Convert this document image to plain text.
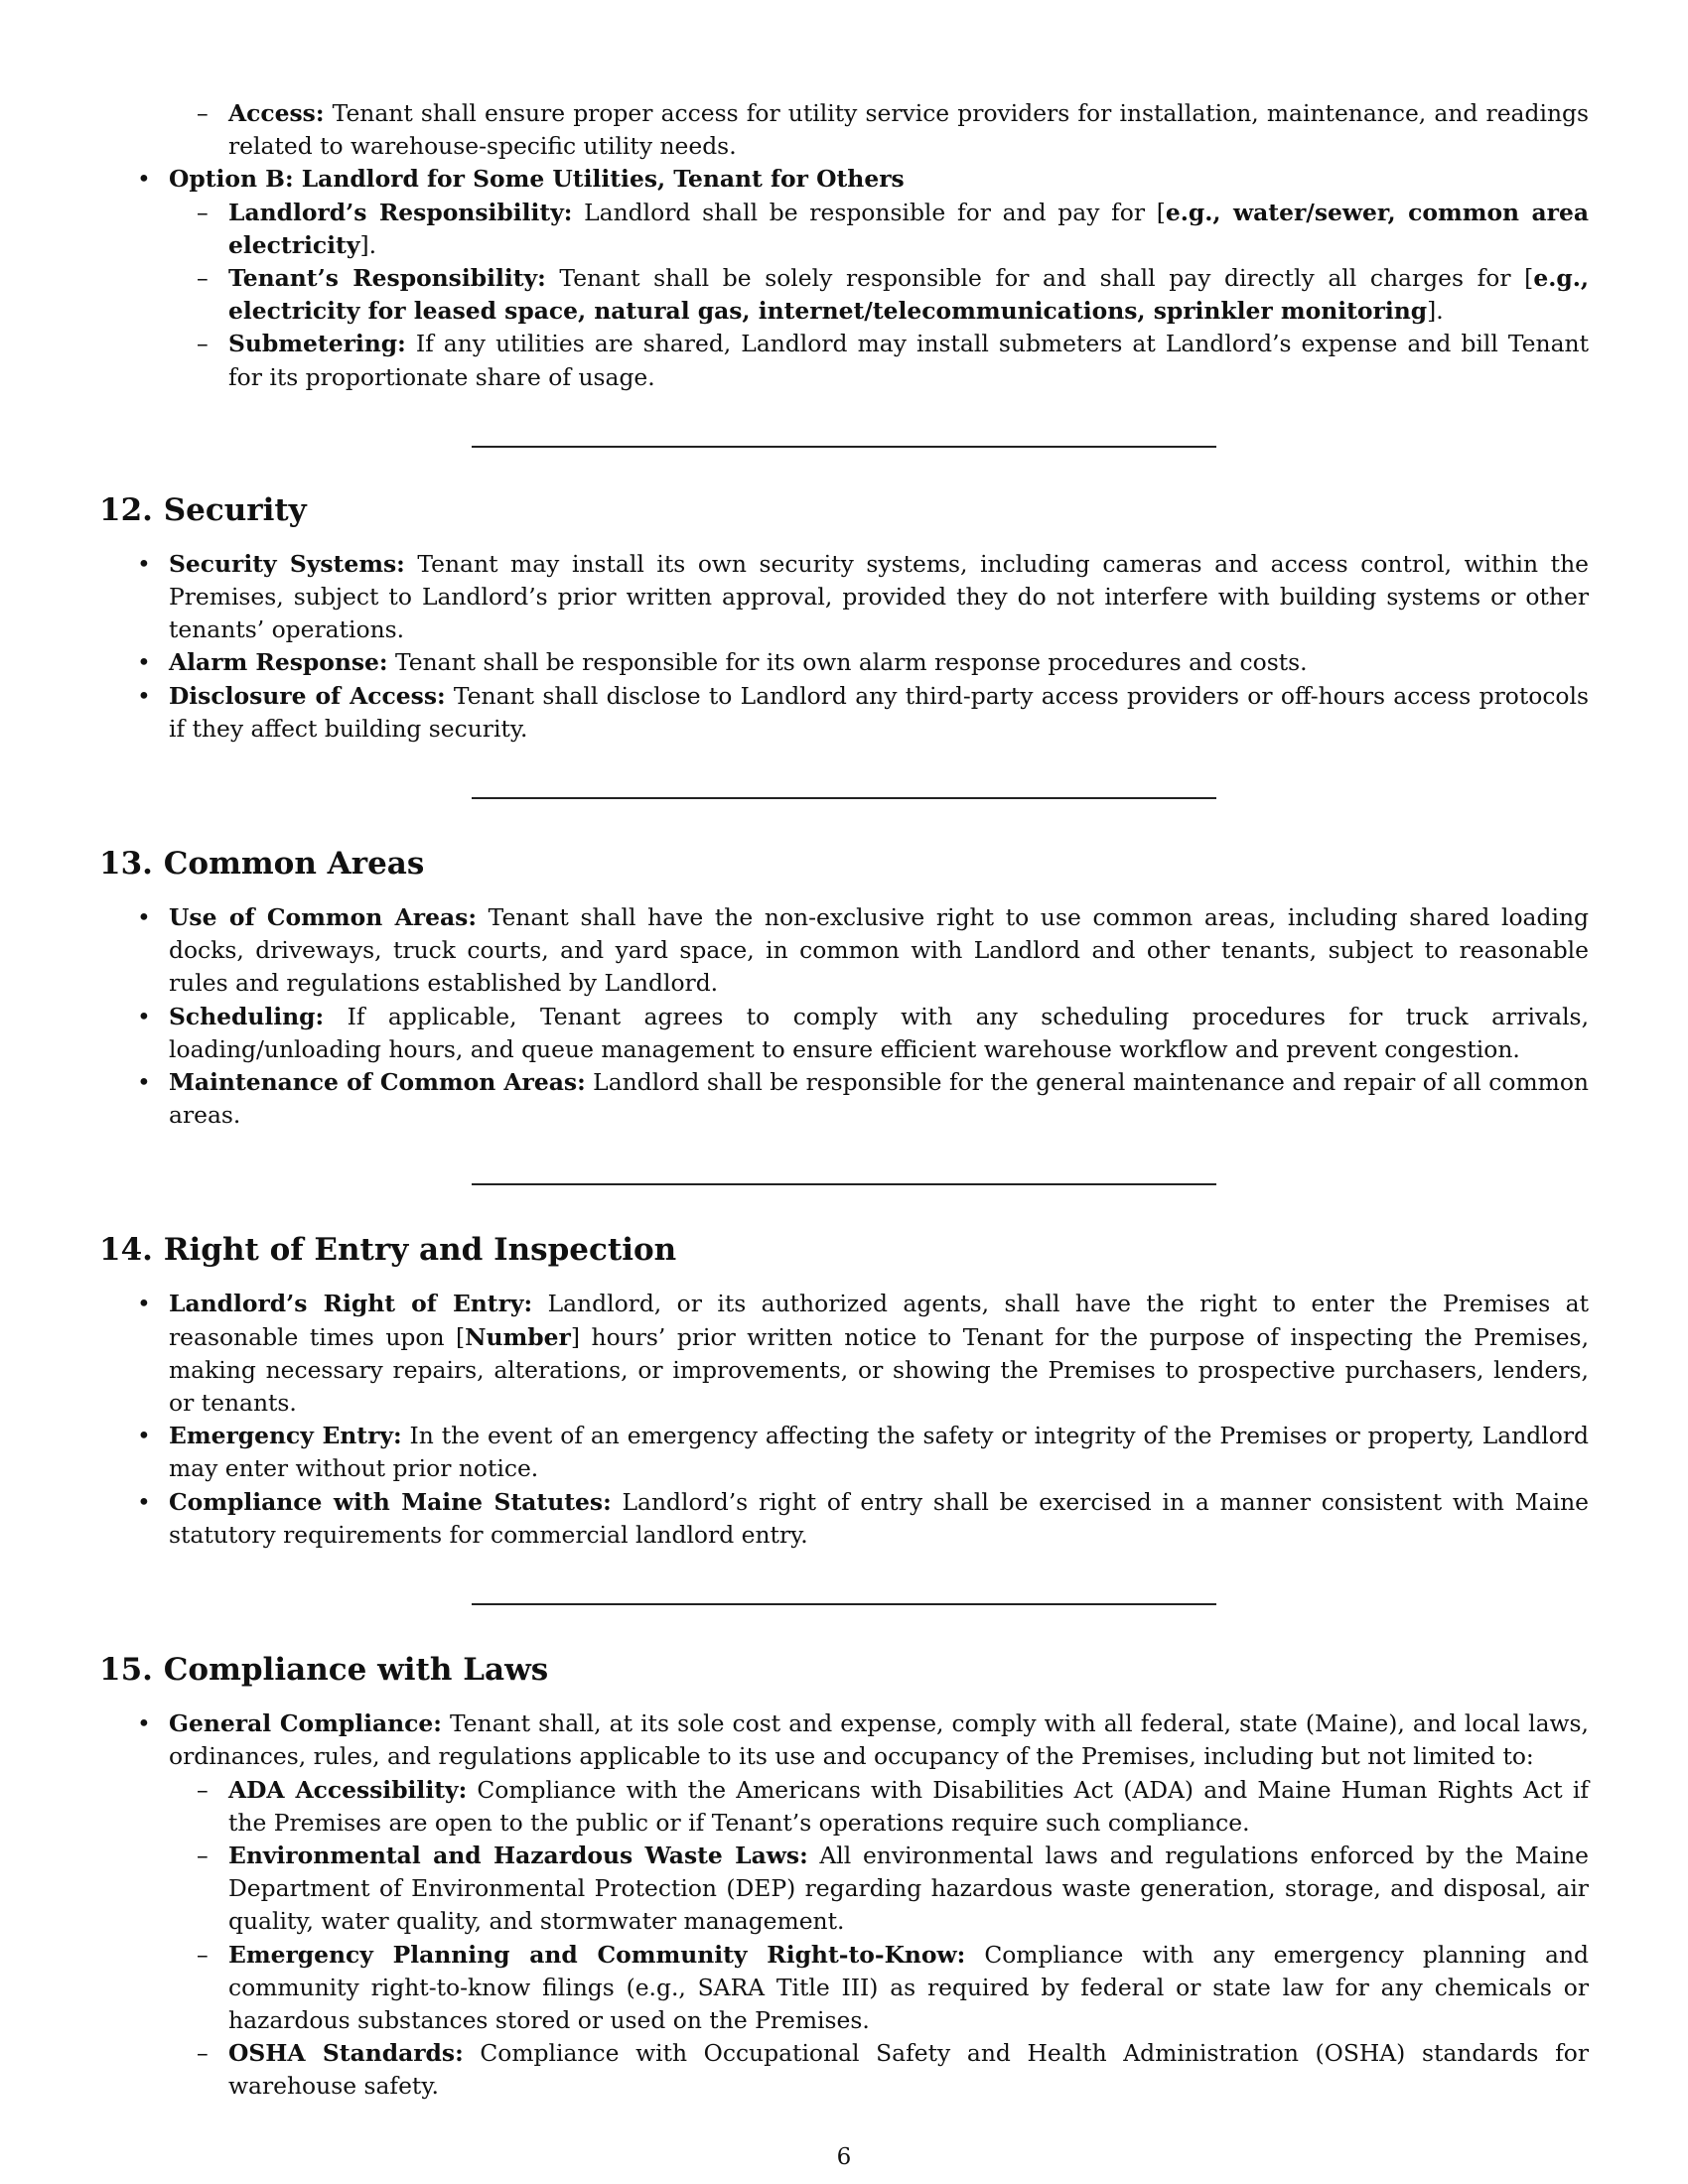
– Access: Tenant shall ensure proper access for utility service providers for installation, maintenance, and readings related to warehouse-specific utility needs.
• Option B: Landlord for Some Utilities, Tenant for Others
– Landlord’s Responsibility: Landlord shall be responsible for and pay for [e.g., water/sewer, common area electricity].
– Tenant’s Responsibility: Tenant shall be solely responsible for and shall pay directly all charges for [e.g., electricity for leased space, natural gas, internet/telecommunications, sprinkler monitoring].
– Submetering: If any utilities are shared, Landlord may install submeters at Landlord’s expense and bill Tenant for its proportionate share of usage.
12. Security
• Security Systems: Tenant may install its own security systems, including cameras and access control, within the Premises, subject to Landlord’s prior written approval, provided they do not interfere with building systems or other tenants’ operations.
• Alarm Response: Tenant shall be responsible for its own alarm response procedures and costs.
• Disclosure of Access: Tenant shall disclose to Landlord any third-party access providers or off-hours access protocols if they affect building security.
13. Common Areas
• Use of Common Areas: Tenant shall have the non-exclusive right to use common areas, including shared loading docks, driveways, truck courts, and yard space, in common with Landlord and other tenants, subject to reasonable rules and regulations established by Landlord.
• Scheduling: If applicable, Tenant agrees to comply with any scheduling procedures for truck arrivals, loading/unloading hours, and queue management to ensure efficient warehouse workflow and prevent congestion.
• Maintenance of Common Areas: Landlord shall be responsible for the general maintenance and repair of all common areas.
14. Right of Entry and Inspection
• Landlord’s Right of Entry: Landlord, or its authorized agents, shall have the right to enter the Premises at reasonable times upon [Number] hours’ prior written notice to Tenant for the purpose of inspecting the Premises, making necessary repairs, alterations, or improvements, or showing the Premises to prospective purchasers, lenders, or tenants.
• Emergency Entry: In the event of an emergency affecting the safety or integrity of the Premises or property, Landlord may enter without prior notice.
• Compliance with Maine Statutes: Landlord’s right of entry shall be exercised in a manner consistent with Maine statutory requirements for commercial landlord entry.
15. Compliance with Laws
• General Compliance: Tenant shall, at its sole cost and expense, comply with all federal, state (Maine), and local laws, ordinances, rules, and regulations applicable to its use and occupancy of the Premises, including but not limited to:
– ADA Accessibility: Compliance with the Americans with Disabilities Act (ADA) and Maine Human Rights Act if the Premises are open to the public or if Tenant’s operations require such compliance.
– Environmental and Hazardous Waste Laws: All environmental laws and regulations enforced by the Maine Department of Environmental Protection (DEP) regarding hazardous waste generation, storage, and disposal, air quality, water quality, and stormwater management.
– Emergency Planning and Community Right-to-Know: Compliance with any emergency planning and community right-to-know filings (e.g., SARA Title III) as required by federal or state law for any chemicals or hazardous substances stored or used on the Premises.
– OSHA Standards: Compliance with Occupational Safety and Health Administration (OSHA) standards for warehouse safety.
6
